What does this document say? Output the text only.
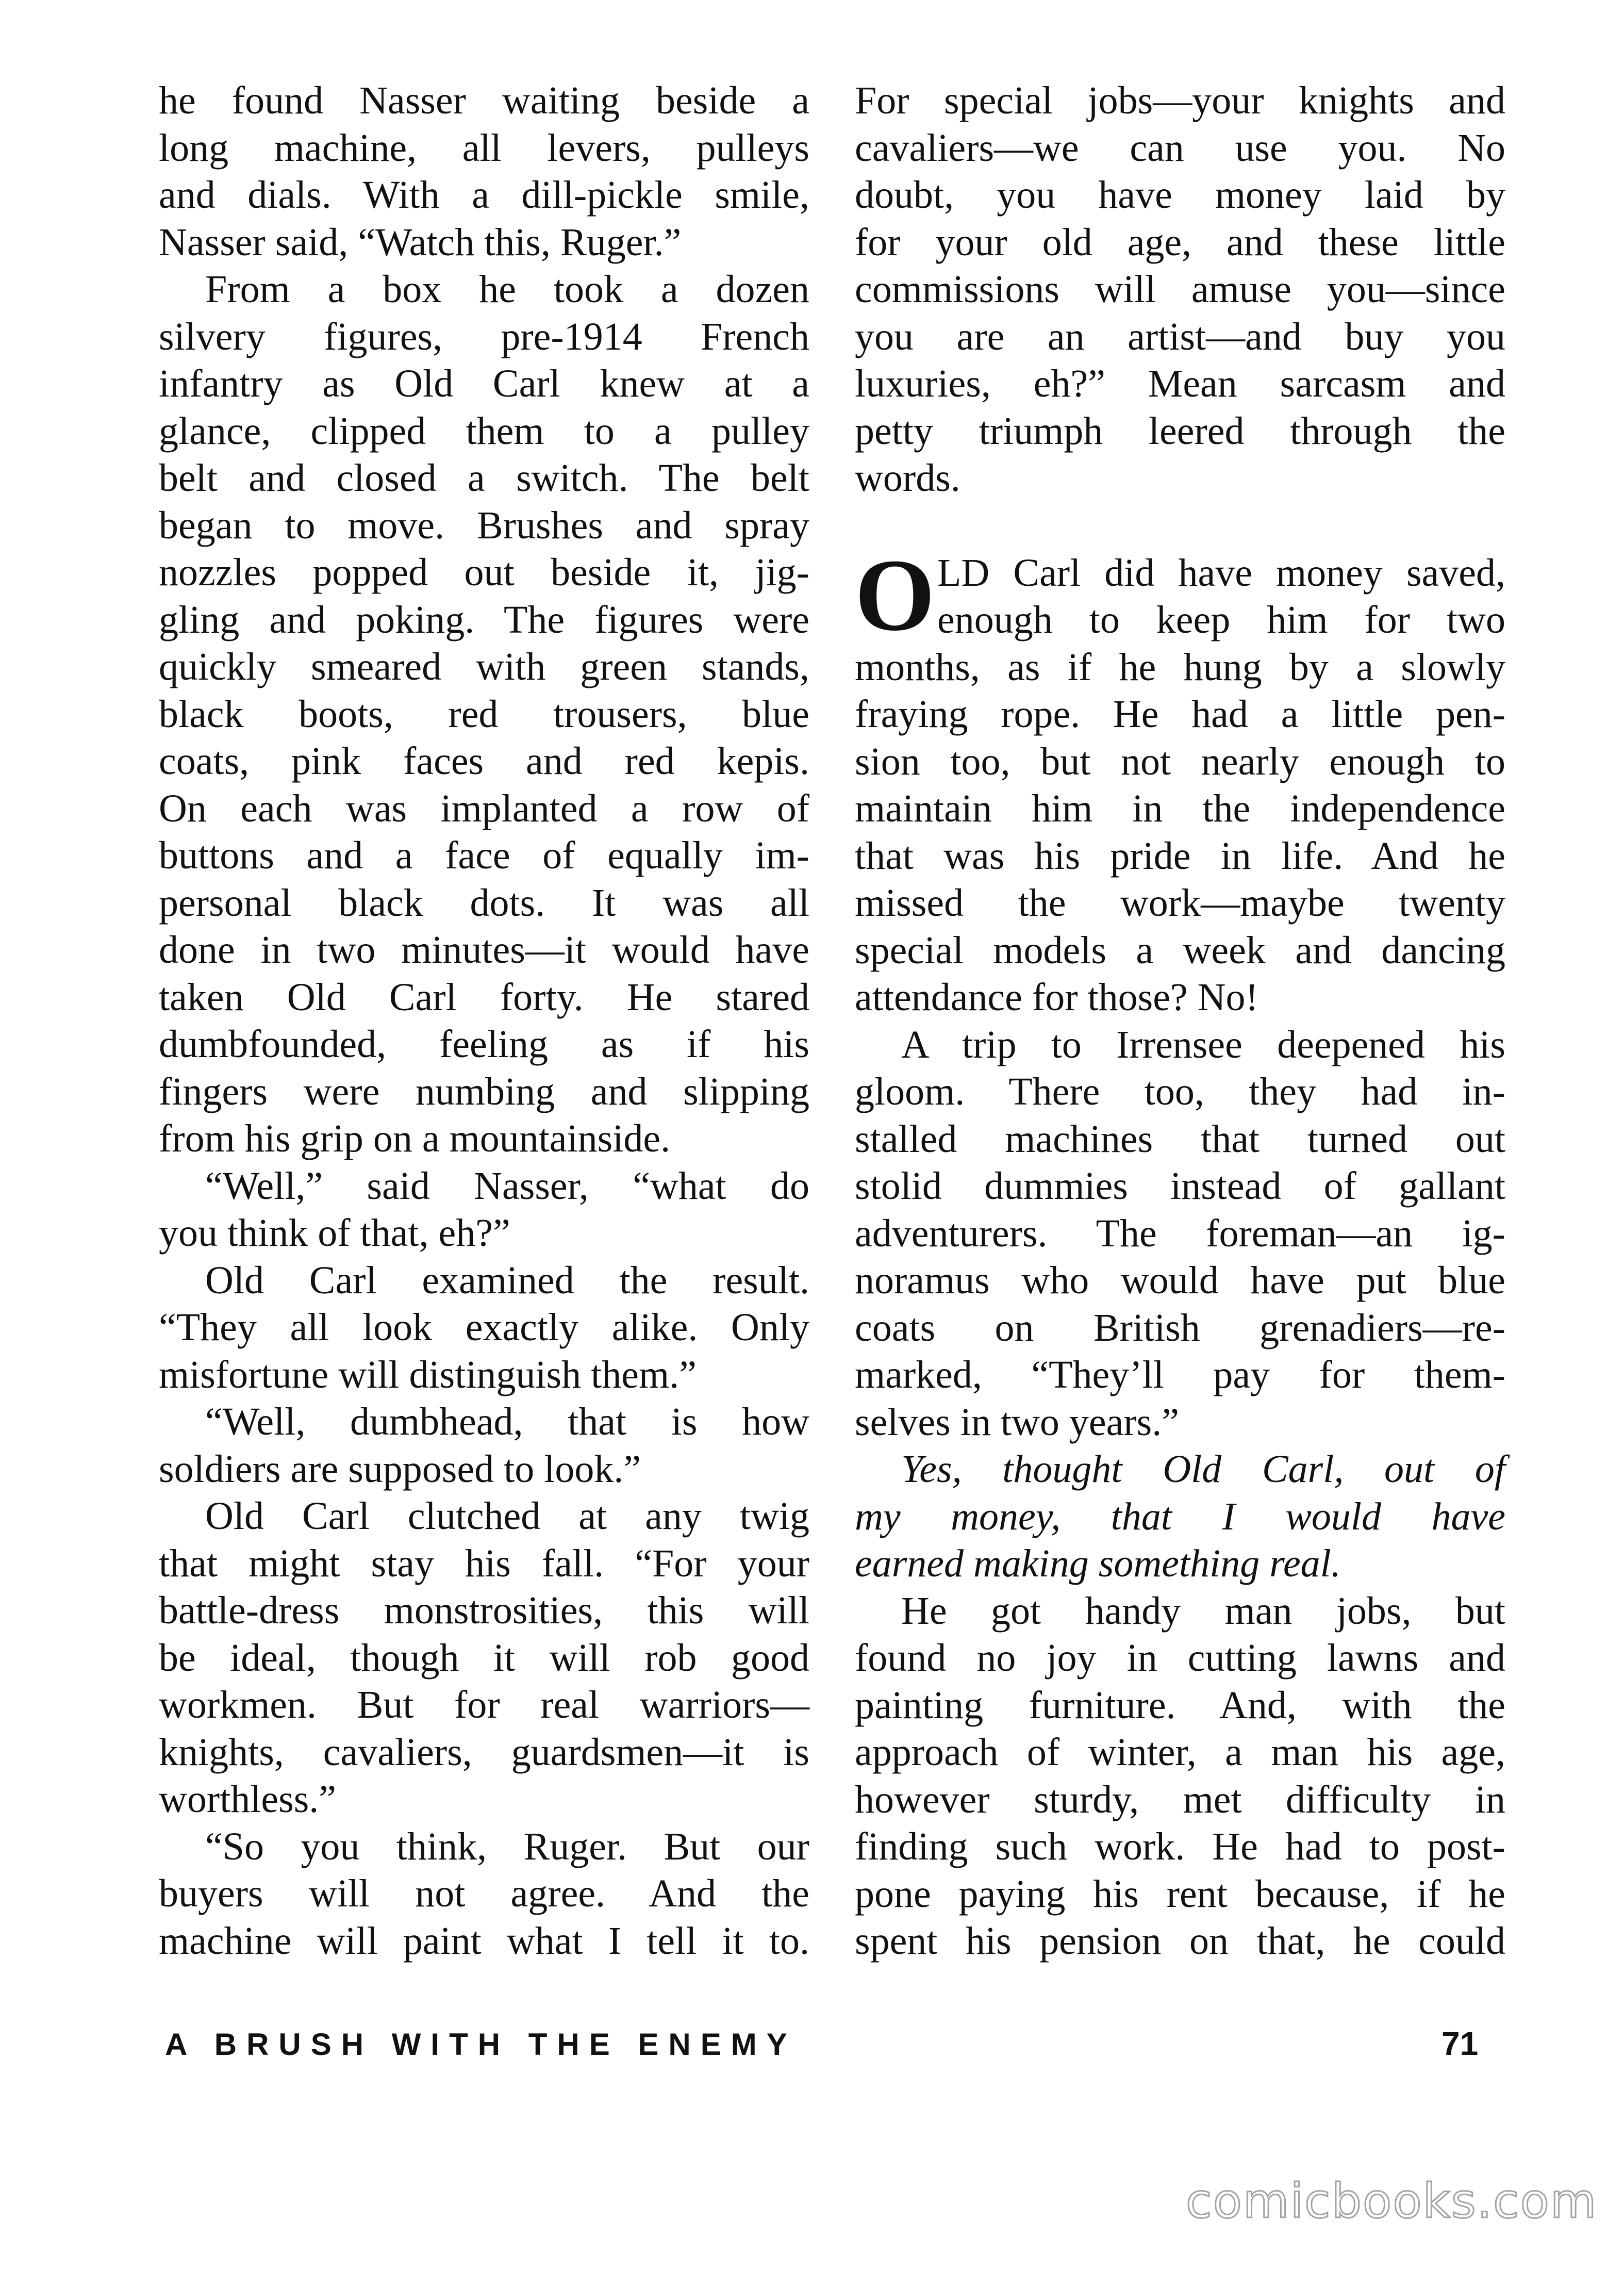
he found Nasser waiting beside a
long machine, all levers, pulleys
and dials. With a dill-pickle smile,
Nasser said, “Watch this, Ruger.”
From a box he took a dozen
silvery figures, pre-1914 French
infantry as Old Carl knew at a
glance, clipped them to a pulley
belt and closed a switch. The belt
began to move. Brushes and spray
nozzles popped out beside it, jig-
gling and poking. The figures were
quickly smeared with green stands,
black boots, red trousers, blue
coats, pink faces and red kepis.
On each was implanted a row of
buttons and a face of equally im-
personal black dots. It was all
done in two minutes—it would have
taken Old Carl forty. He stared
dumbfounded, feeling as if his
fingers were numbing and slipping
from his grip on a mountainside.
“Well,” said Nasser, “what do
you think of that, eh?”
Old Carl examined the result.
“They all look exactly alike. Only
misfortune will distinguish them.”
“Well, dumbhead, that is how
soldiers are supposed to look.”
Old Carl clutched at any twig
that might stay his fall. “For your
battle-dress monstrosities, this will
be ideal, though it will rob good
workmen. But for real warriors—
knights, cavaliers, guardsmen—it is
worthless.”
“So you think, Ruger. But our
buyers will not agree. And the
machine will paint what I tell it to.
For special jobs—your knights and
cavaliers—we can use you. No
doubt, you have money laid by
for your old age, and these little
commissions will amuse you—since
you are an artist—and buy you
luxuries, eh?” Mean sarcasm and
petty triumph leered through the
words.
O LD Carl did have money saved,
enough to keep him for two
months, as if he hung by a slowly
fraying rope. He had a little pen-
sion too, but not nearly enough to
maintain him in the independence
that was his pride in life. And he
missed the work—maybe twenty
special models a week and dancing
attendance for those? No!
A trip to Irrensee deepened his
gloom. There too, they had in-
stalled machines that turned out
stolid dummies instead of gallant
adventurers. The foreman—an ig-
noramus who would have put blue
coats on British grenadiers—re-
marked, “They’ll pay for them-
selves in two years.”
Yes, thought Old Carl, out of
my money, that I would have
earned making something real.
He got handy man jobs, but
found no joy in cutting lawns and
painting furniture. And, with the
approach of winter, a man his age,
however sturdy, met difficulty in
finding such work. He had to post-
pone paying his rent because, if he
spent his pension on that, he could
A BRUSH WITH THE ENEMY	71
comicbooks.com
